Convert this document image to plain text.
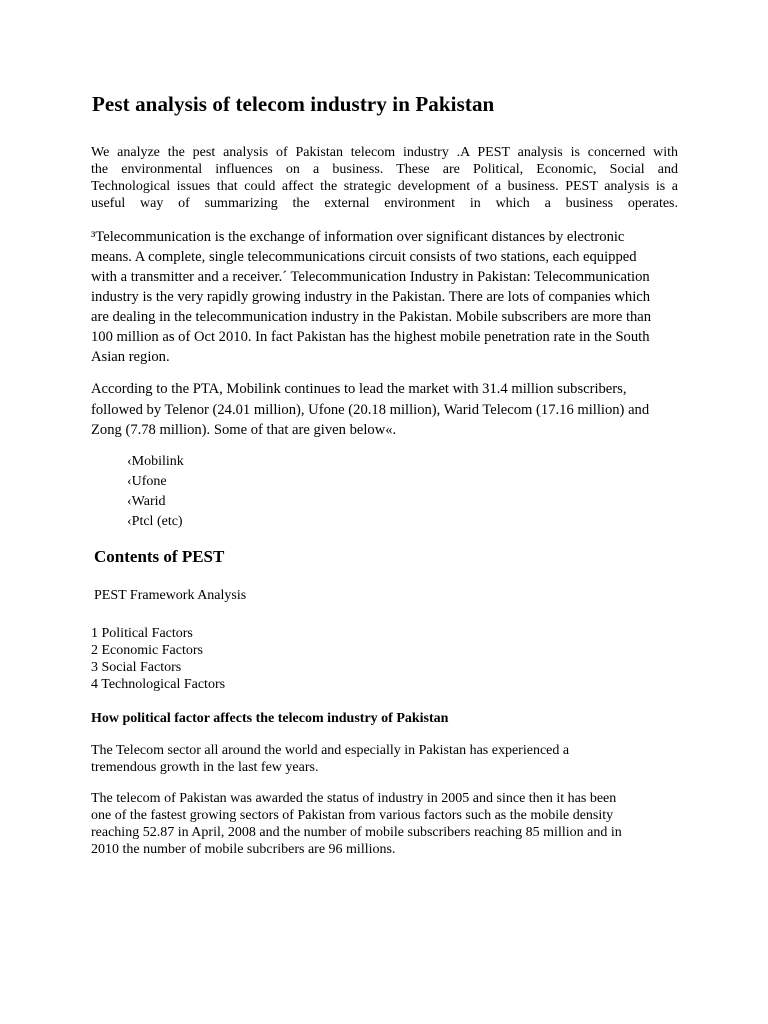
Pest analysis of telecom industry in Pakistan

We analyze the pest analysis of Pakistan telecom industry .A PEST analysis is concerned with

the environmental influences on a business. These are Political, Economic, Social and

Technological issues that could affect the strategic development of a business. PEST analysis is a

useful way of summarizing the external environment in which a business operates.

³Telecommunication is the exchange of information over significant distances by electronic

means. A complete, single telecommunications circuit consists of two stations, each equipped

with a transmitter and a receiver.´ Telecommunication Industry in Pakistan: Telecommunication

industry is the very rapidly growing industry in the Pakistan. There are lots of companies which

are dealing in the telecommunication industry in the Pakistan. Mobile subscribers are more than

100 million as of Oct 2010. In fact Pakistan has the highest mobile penetration rate in the South

Asian region.

According to the PTA, Mobilink continues to lead the market with 31.4 million subscribers,

followed by Telenor (24.01 million), Ufone (20.18 million), Warid Telecom (17.16 million) and

Zong (7.78 million). Some of that are given below«.

‹Mobilink

‹Ufone

‹Warid

‹Ptcl (etc)

Contents of PEST

PEST Framework Analysis

1 Political Factors

2 Economic Factors

3 Social Factors

4 Technological Factors

How political factor affects the telecom industry of Pakistan

The Telecom sector all around the world and especially in Pakistan has experienced a

tremendous growth in the last few years.

The telecom of Pakistan was awarded the status of industry in 2005 and since then it has been

one of the fastest growing sectors of Pakistan from various factors such as the mobile density

reaching 52.87 in April, 2008 and the number of mobile subscribers reaching 85 million and in

2010 the number of mobile subcribers are 96 millions.
